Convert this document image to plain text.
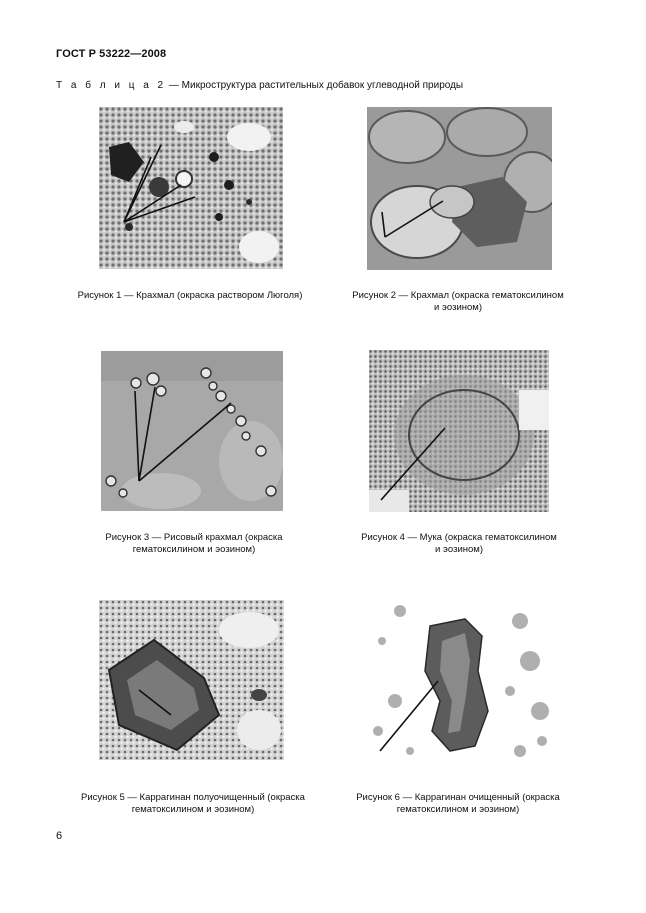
ГОСТ Р 53222—2008
Т а б л и ц а 2 — Микроструктура растительных добавок углеводной природы
Рисунок 1 — Крахмал (окраска раствором Люголя)	Рисунок 2 — Крахмал (окраска гематоксилином
и эозином)
Рисунок 3 — Рисовый крахмал (окраска
гематоксилином и эозином)
Рисунок 4 — Мука (окраска гематоксилином
и эозином)
Рисунок 5 — Каррагинан полуочищенный (окраска
гематоксилином и эозином)
Рисунок 6 — Каррагинан очищенный (окраска
гематоксилином и эозином)
6
